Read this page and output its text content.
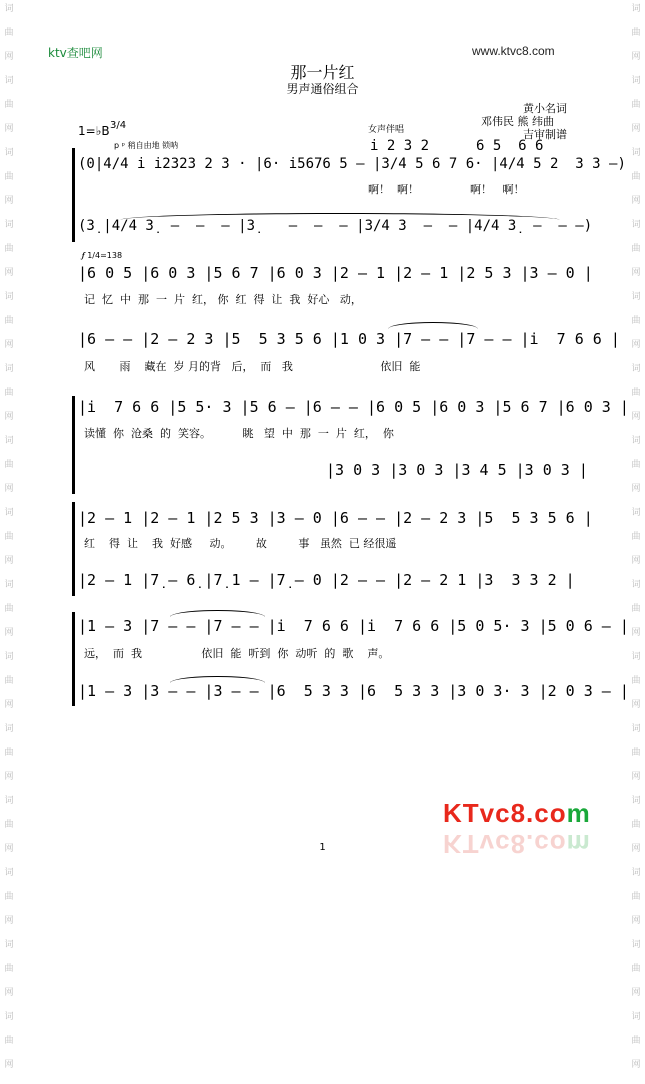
词
曲
网
词
曲
网
词
曲
网
词
曲
网
词
曲
网
词
曲
网
词
曲
网
词
曲
网
词
曲
网
词
曲
网
词
曲
网
词
曲
网
词
曲
网
词
曲
网
词
曲
网
词
曲
网
词
曲
网
词
曲
网
词
曲
网
词
曲
网
词
曲
网
词
曲
网
词
曲
网
词
曲
网
词
曲
网
词
曲
网
词
曲
网
词
曲
网
词
曲
网
词
曲
网
ktv查吧网	www.ktvc8.com
那一片红
男声通俗组合
黄小名词
邓伟民 熊 纬曲
吉审制谱
1=♭B 3/4
p ᵖ 稍自由地 锁呐
女声伴唱
𝆑 1/4=138
i 2 3 2	6 5  6 6
(0|4/4 i i2323 2 3 · |6· i5676 5 — |3/4 5 6 7 6· |4/4 5 2  3 3 —)
啊！  啊！	啊！   啊！
(3̣ |4/4 3̣  —  —  — |3̣    —  —  — |3/4 3  —  — |4/4 3̣  —  — —)
|6 0 5 |6 0 3 |5 6 7 |6 0 3 |2 — 1 |2 — 1 |2 5 3 |3 — 0 |
记  忆  中  那  一  片  红， 你  红  得  让  我  好心   动，
|6 — — |2 — 2 3 |5  5 3 5 6 |1 0 3 |7 — — |7 — — |i  7 6 6 |
风       雨    藏在  岁 月的背   后，  而   我                         依旧  能
|i  7 6 6 |5 5· 3 |5 6 — |6 — — |6 0 5 |6 0 3 |5 6 7 |6 0 3 |
读懂  你  沧桑  的  笑容。         眺   望  中  那  一  片  红，  你
|3 0 3 |3 0 3 |3 4 5 |3 0 3 |
|2 — 1 |2 — 1 |2 5 3 |3 — 0 |6 — — |2 — 2 3 |5  5 3 5 6 |
红    得  让    我  好感     动。       故         事   虽然  已 经很遥
|2 — 1 |7̣ — 6̣ |7̣ 1 — |7̣ — 0 |2 — — |2 — 2 1 |3  3 3 2 |
|1 — 3 |7 — — |7 — — |i  7 6 6 |i  7 6 6 |5 0 5· 3 |5 0 6 — |
远，  而  我                 依旧  能  听到  你  动听  的  歌    声。
|1 — 3 |3 — — |3 — — |6  5 3 3 |6  5 3 3 |3 0 3· 3 |2 0 3 — |
KTvc8.com
KTvc8.com
1
